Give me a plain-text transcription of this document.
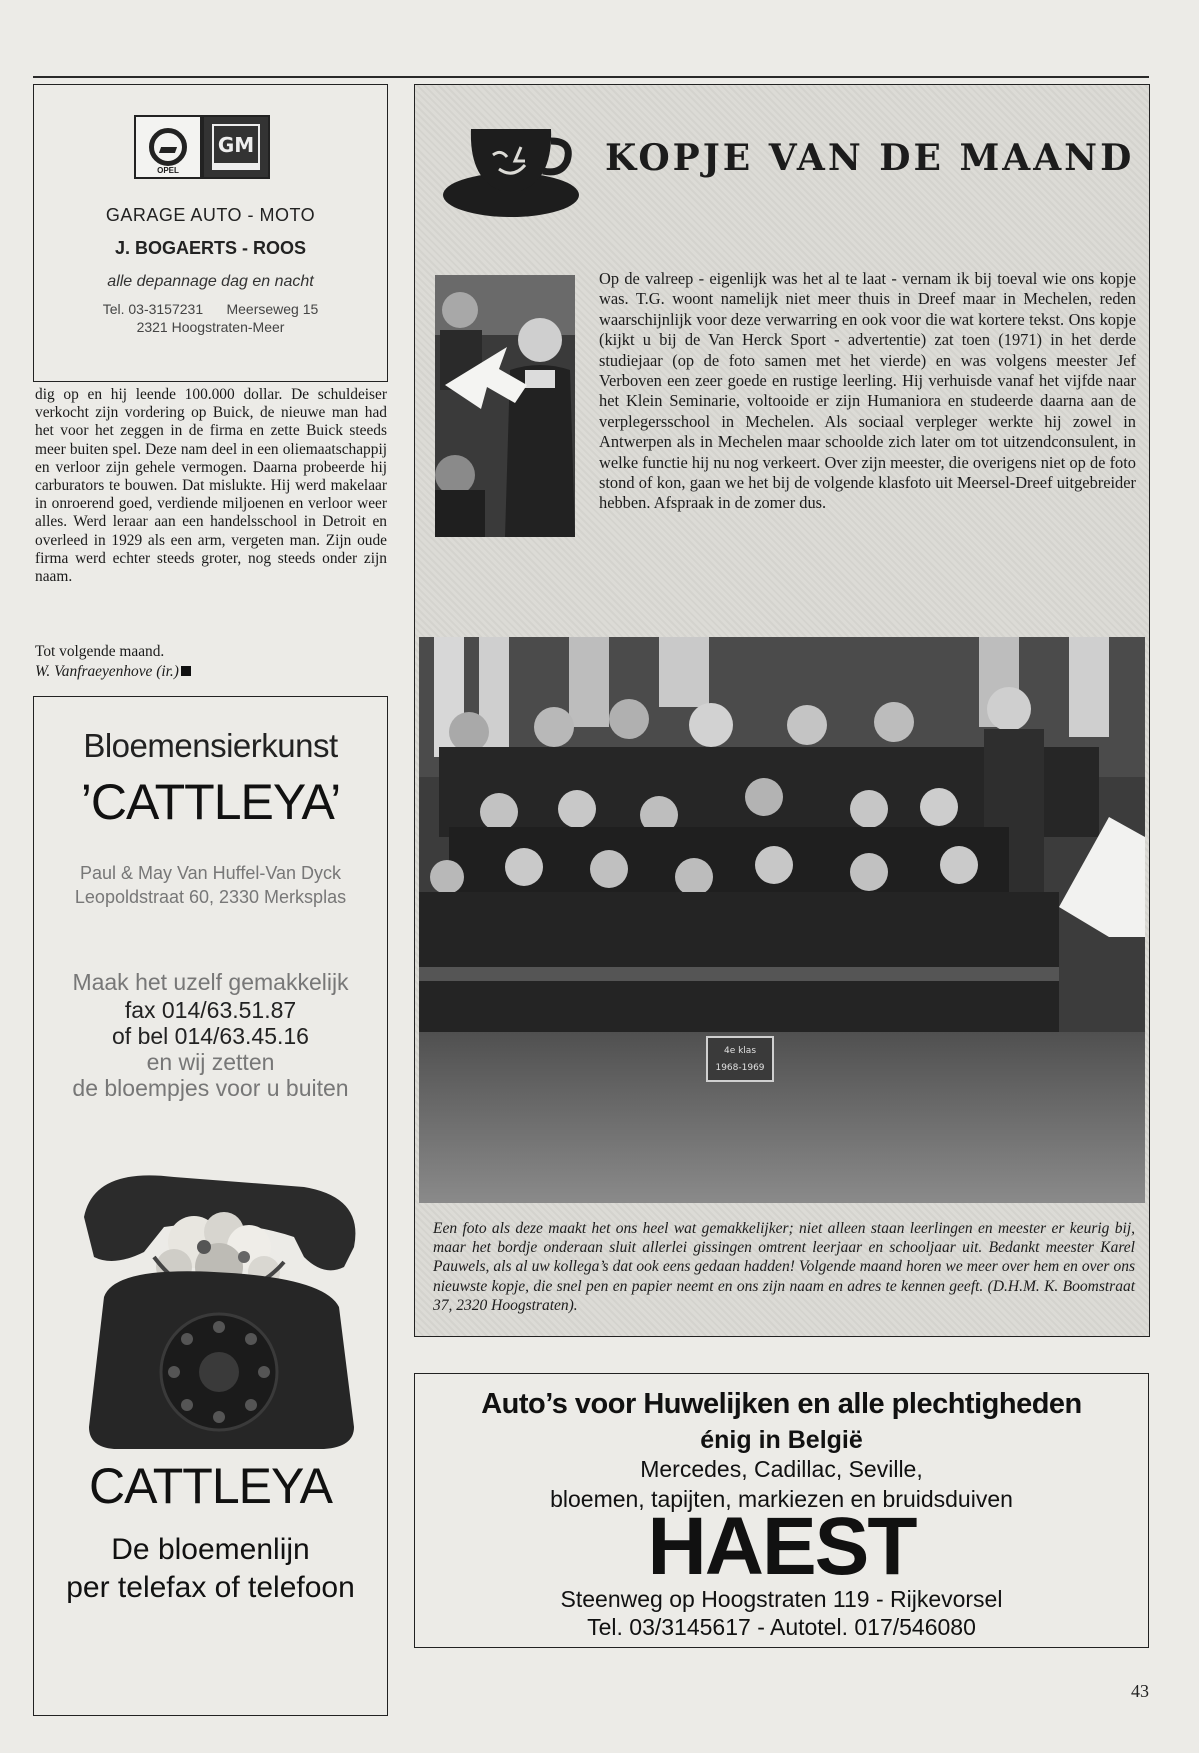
OPEL
GM
GARAGE AUTO - MOTO
J. BOGAERTS - ROOS
alle depannage dag en nacht
Tel. 03-3157231      Meerseweg 15
2321 Hoogstraten-Meer

dig op en hij leende 100.000 dollar. De schuldeiser verkocht zijn vordering op Buick, de nieuwe man had het voor het zeggen in de firma en zette Buick steeds meer buiten spel. Deze nam deel in een oliemaatschappij en verloor zijn gehele vermogen. Daarna probeerde hij carburators te bouwen. Dat mislukte. Hij werd makelaar in onroerend goed, verdiende miljoenen en verloor weer alles. Werd leraar aan een handelsschool in Detroit en overleed in 1929 als een arm, vergeten man. Zijn oude firma werd echter steeds groter, nog steeds onder zijn naam.

Tot volgende maand.
W. Vanfraeyenhove (ir.)
Bloemensierkunst
’CATTLEYA’
Paul & May Van Huffel-Van Dyck
Leopoldstraat 60, 2330 Merksplas
Maak het uzelf gemakkelijk
fax 014/63.51.87
of bel 014/63.45.16
en wij zetten
de bloempjes voor u buiten
CATTLEYA
De bloemenlijn
per telefax of telefoon
KOPJE VAN DE MAAND
Op de valreep - eigenlijk was het al te laat - vernam ik bij toeval wie ons kopje was. T.G. woont namelijk niet meer thuis in Dreef maar in Mechelen, reden waarschijnlijk voor deze verwarring en ook voor die wat kortere tekst. Ons kopje (kijkt u bij de Van Herck Sport - advertentie) zat toen (1971) in het derde studiejaar (op de foto samen met het vierde) en was volgens meester Jef Verboven een zeer goede en rustige leerling. Hij verhuisde vanaf het vijfde naar het Klein Seminarie, voltooide er zijn Humaniora en studeerde daarna aan de verplegersschool in Mechelen. Als sociaal verpleger werkte hij zowel in Antwerpen als in Mechelen maar schoolde zich later om tot uitzendconsulent, in welke functie hij nu nog verkeert. Over zijn meester, die overigens niet op de foto stond of kon, gaan we het bij de volgende klasfoto uit Meersel-Dreef uitgebreider hebben. Afspraak in de zomer dus.
4e klas
1968-1969
Een foto als deze maakt het ons heel wat gemakkelijker; niet alleen staan leerlingen en meester er keurig bij, maar het bordje onderaan sluit allerlei gissingen omtrent leerjaar en schooljaar uit. Bedankt meester Karel Pauwels, als al uw kollega’s dat ook eens gedaan hadden! Volgende maand horen we meer over hem en over ons nieuwste kopje, die snel pen en papier neemt en ons zijn naam en adres te kennen geeft. (D.H.M. K. Boomstraat 37, 2320 Hoogstraten).
Auto’s voor Huwelijken en alle plechtigheden
énig in België
Mercedes, Cadillac, Seville,
bloemen, tapijten, markiezen en bruidsduiven
HAEST
Steenweg op Hoogstraten 119 - Rijkevorsel
Tel. 03/3145617 - Autotel. 017/546080
43
